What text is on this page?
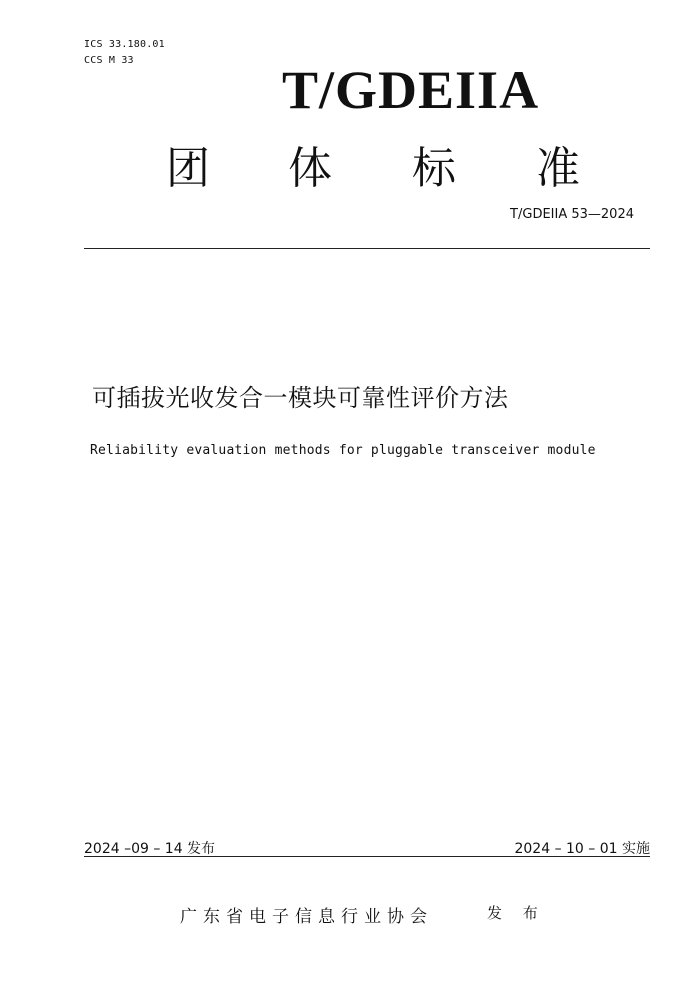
ICS 33.180.01
CCS M 33	T/GDEIIA
团 体 标 准
T/GDEIIA 53—2024
可插拔光收发合一模块可靠性评价方法
Reliability evaluation methods for pluggable transceiver module
2024 –09 – 14 发布	2024 – 10 – 01 实施
广东省电子信息行业协会	发 布
